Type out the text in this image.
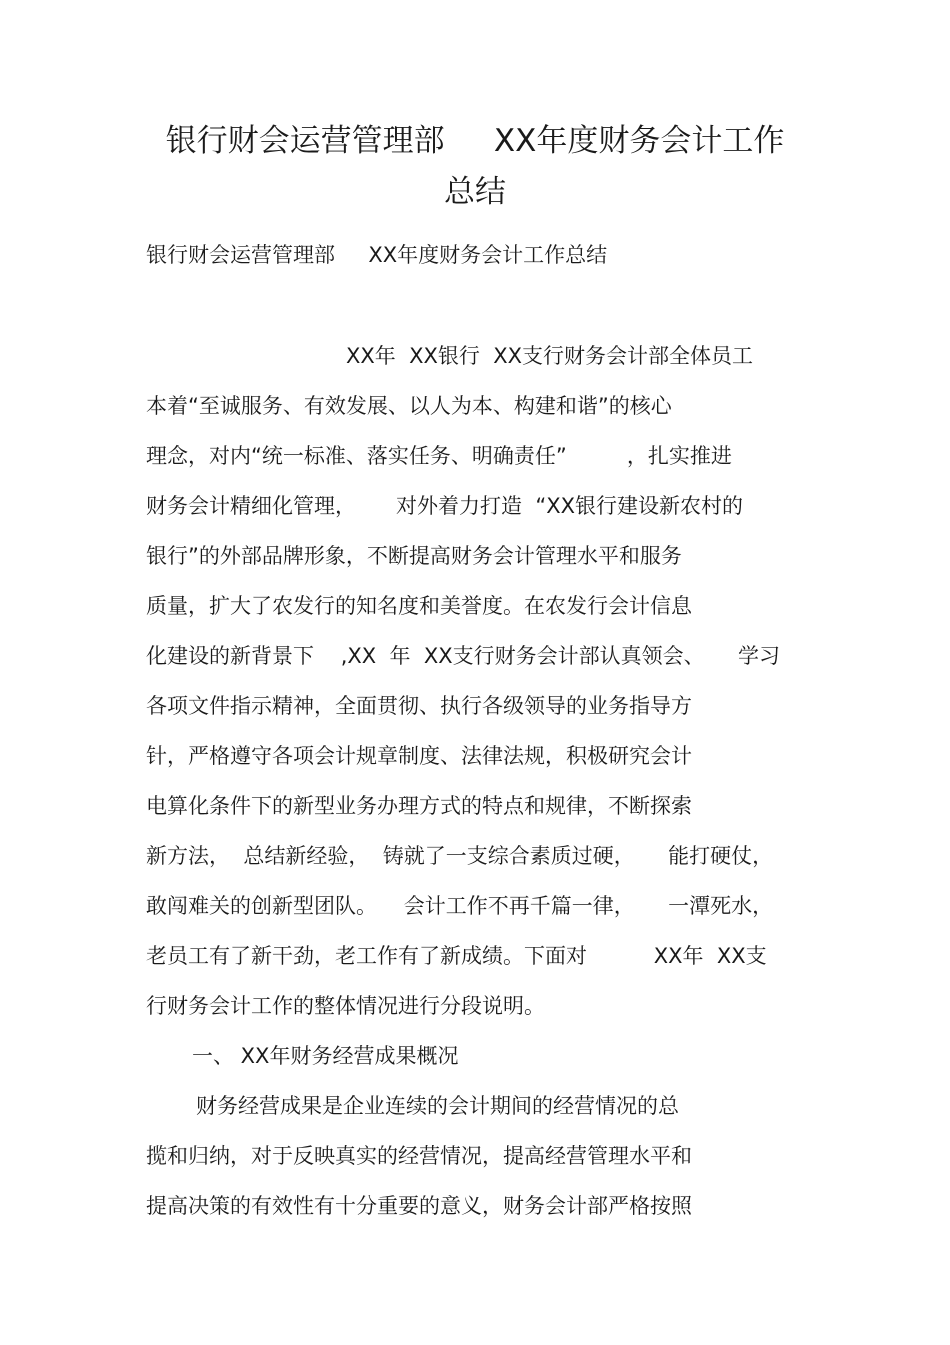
银行财会运营管理部     XX年度财务会计工作
总结
银行财会运营管理部     XX年度财务会计工作总结
XX年  XX银行  XX支行财务会计部全体员工
本着“至诚服务、有效发展、以人为本、构建和谐”的核心
理念，对内“统一标准、落实任务、明确责任”         ，扎实推进
财务会计精细化管理，      对外着力打造  “XX银行建设新农村的
银行”的外部品牌形象，不断提高财务会计管理水平和服务
质量，扩大了农发行的知名度和美誉度。在农发行会计信息
化建设的新背景下    ,XX  年  XX支行财务会计部认真领会、     学习
各项文件指示精神，全面贯彻、执行各级领导的业务指导方
针，严格遵守各项会计规章制度、法律法规，积极研究会计
电算化条件下的新型业务办理方式的特点和规律，不断探索
新方法，  总结新经验，  铸就了一支综合素质过硬，     能打硬仗，
敢闯难关的创新型团队。    会计工作不再千篇一律，     一潭死水，
老员工有了新干劲，老工作有了新成绩。下面对          XX年  XX支
行财务会计工作的整体情况进行分段说明。
一、 XX年财务经营成果概况
财务经营成果是企业连续的会计期间的经营情况的总
揽和归纳，对于反映真实的经营情况，提高经营管理水平和
提高决策的有效性有十分重要的意义，财务会计部严格按照
